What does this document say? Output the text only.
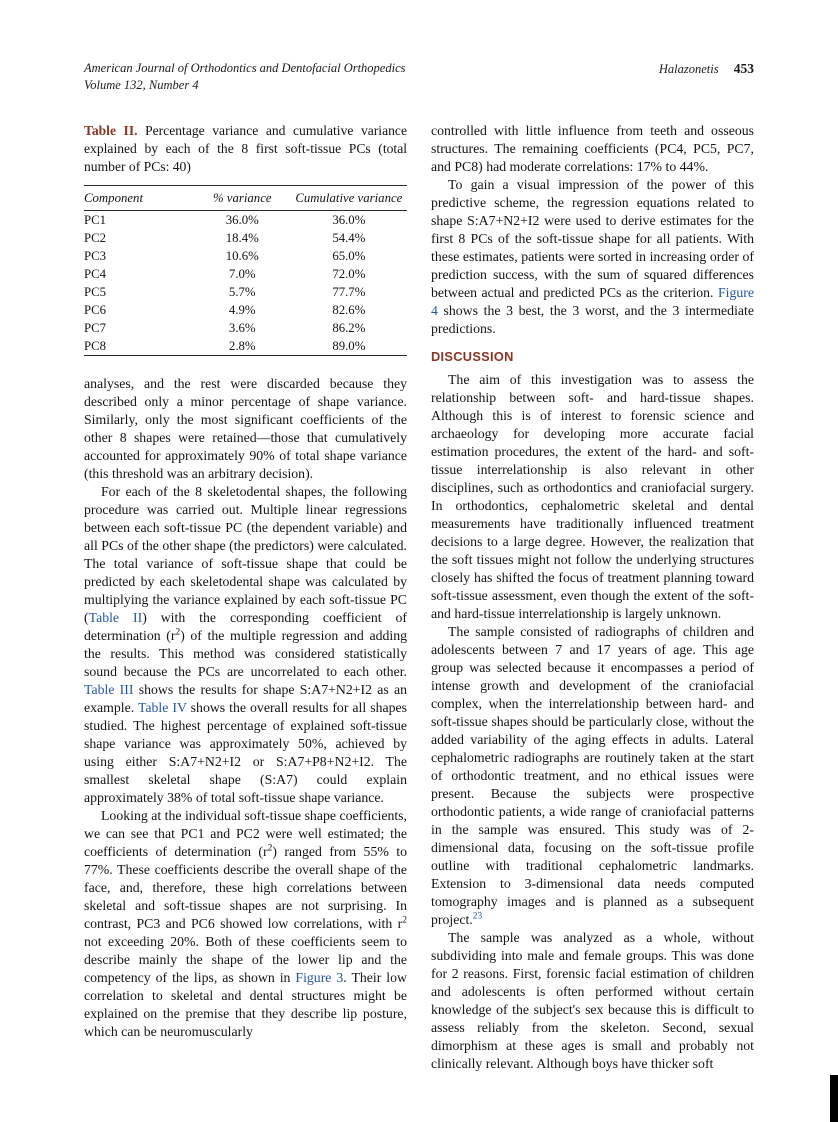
American Journal of Orthodontics and Dentofacial Orthopedics
Volume 132, Number 4
Halazonetis 453

Table II. Percentage variance and cumulative variance explained by each of the 8 first soft-tissue PCs (total number of PCs: 40)

Component	% variance	Cumulative variance
PC1	36.0%	36.0%
PC2	18.4%	54.4%
PC3	10.6%	65.0%
PC4	7.0%	72.0%
PC5	5.7%	77.7%
PC6	4.9%	82.6%
PC7	3.6%	86.2%
PC8	2.8%	89.0%

analyses, and the rest were discarded because they described only a minor percentage of shape variance. Similarly, only the most significant coefficients of the other 8 shapes were retained—those that cumulatively accounted for approximately 90% of total shape variance (this threshold was an arbitrary decision).

For each of the 8 skeletodental shapes, the following procedure was carried out. Multiple linear regressions between each soft-tissue PC (the dependent variable) and all PCs of the other shape (the predictors) were calculated. The total variance of soft-tissue shape that could be predicted by each skeletodental shape was calculated by multiplying the variance explained by each soft-tissue PC (Table II) with the corresponding coefficient of determination $(r^2)$ of the multiple regression and adding the results. This method was considered statistically sound because the PCs are uncorrelated to each other. Table III shows the results for shape S:A7+N2+I2 as an example. Table IV shows the overall results for all shapes studied. The highest percentage of explained soft-tissue shape variance was approximately 50%, achieved by using either S:A7+N2+I2 or S:A7+P8+N2+I2. The smallest skeletal shape (S:A7) could explain approximately 38% of total soft-tissue shape variance.

Looking at the individual soft-tissue shape coefficients, we can see that PC1 and PC2 were well estimated; the coefficients of determination $(r^2)$ ranged from 55% to 77%. These coefficients describe the overall shape of the face, and, therefore, these high correlations between skeletal and soft-tissue shapes are not surprising. In contrast, PC3 and PC6 showed low correlations, with $r^2$ not exceeding 20%. Both of these coefficients seem to describe mainly the shape of the lower lip and the competency of the lips, as shown in Figure 3. Their low correlation to skeletal and dental structures might be explained on the premise that they describe lip posture, which can be neuromuscularly

controlled with little influence from teeth and osseous structures. The remaining coefficients (PC4, PC5, PC7, and PC8) had moderate correlations: 17% to 44%.

To gain a visual impression of the power of this predictive scheme, the regression equations related to shape S:A7+N2+I2 were used to derive estimates for the first 8 PCs of the soft-tissue shape for all patients. With these estimates, patients were sorted in increasing order of prediction success, with the sum of squared differences between actual and predicted PCs as the criterion. Figure 4 shows the 3 best, the 3 worst, and the 3 intermediate predictions.

DISCUSSION

The aim of this investigation was to assess the relationship between soft- and hard-tissue shapes. Although this is of interest to forensic science and archaeology for developing more accurate facial estimation procedures, the extent of the hard- and soft-tissue interrelationship is also relevant in other disciplines, such as orthodontics and craniofacial surgery. In orthodontics, cephalometric skeletal and dental measurements have traditionally influenced treatment decisions to a large degree. However, the realization that the soft tissues might not follow the underlying structures closely has shifted the focus of treatment planning toward soft-tissue assessment, even though the extent of the soft- and hard-tissue interrelationship is largely unknown.

The sample consisted of radiographs of children and adolescents between 7 and 17 years of age. This age group was selected because it encompasses a period of intense growth and development of the craniofacial complex, when the interrelationship between hard- and soft-tissue shapes should be particularly close, without the added variability of the aging effects in adults. Lateral cephalometric radiographs are routinely taken at the start of orthodontic treatment, and no ethical issues were present. Because the subjects were prospective orthodontic patients, a wide range of craniofacial patterns in the sample was ensured. This study was of 2-dimensional data, focusing on the soft-tissue profile outline with traditional cephalometric landmarks. Extension to 3-dimensional data needs computed tomography images and is planned as a subsequent project.$^{23}$

The sample was analyzed as a whole, without subdividing into male and female groups. This was done for 2 reasons. First, forensic facial estimation of children and adolescents is often performed without certain knowledge of the subject's sex because this is difficult to assess reliably from the skeleton. Second, sexual dimorphism at these ages is small and probably not clinically relevant. Although boys have thicker soft
